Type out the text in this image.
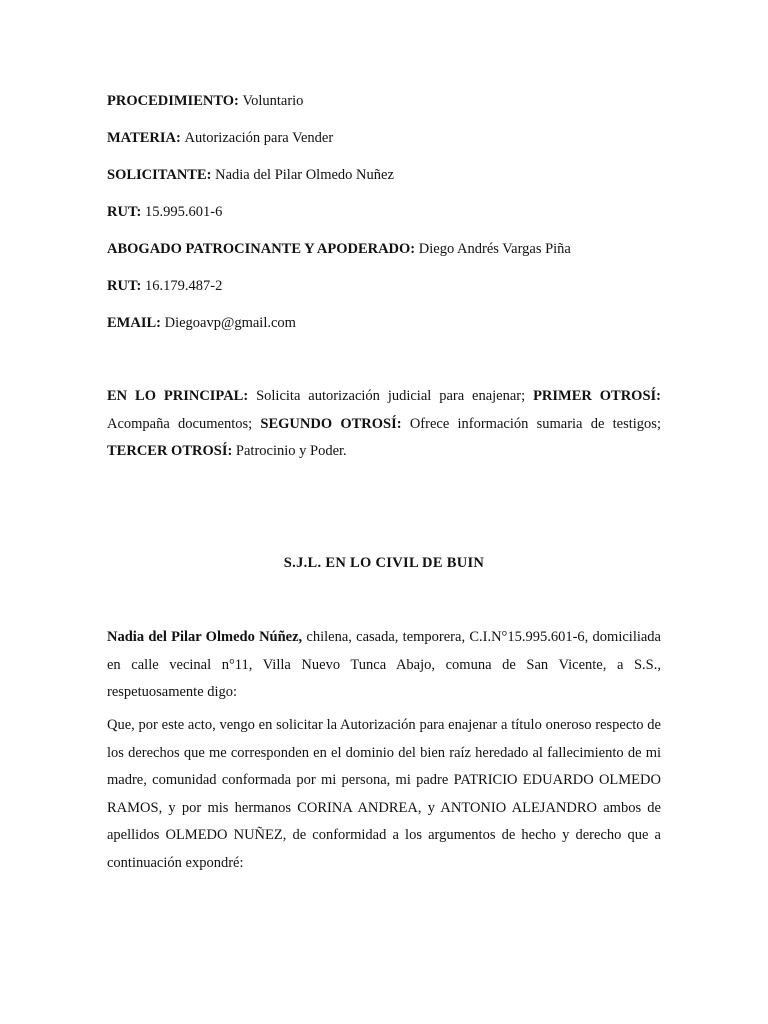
PROCEDIMIENTO: Voluntario
MATERIA: Autorización para Vender
SOLICITANTE: Nadia del Pilar Olmedo Nuñez
RUT: 15.995.601-6
ABOGADO PATROCINANTE Y APODERADO: Diego Andrés Vargas Piña
RUT: 16.179.487-2
EMAIL: Diegoavp@gmail.com
EN LO PRINCIPAL: Solicita autorización judicial para enajenar; PRIMER OTROSÍ: Acompaña documentos; SEGUNDO OTROSÍ: Ofrece información sumaria de testigos; TERCER OTROSÍ: Patrocinio y Poder.
S.J.L. EN LO CIVIL DE BUIN
Nadia del Pilar Olmedo Núñez, chilena, casada, temporera, C.I.N°15.995.601-6, domiciliada en calle vecinal n°11, Villa Nuevo Tunca Abajo, comuna de San Vicente, a S.S., respetuosamente digo:
Que, por este acto, vengo en solicitar la Autorización para enajenar a título oneroso respecto de los derechos que me corresponden en el dominio del bien raíz heredado al fallecimiento de mi madre, comunidad conformada por mi persona, mi padre PATRICIO EDUARDO OLMEDO RAMOS, y por mis hermanos CORINA ANDREA, y ANTONIO ALEJANDRO ambos de apellidos OLMEDO NUÑEZ, de conformidad a los argumentos de hecho y derecho que a continuación expondré:
